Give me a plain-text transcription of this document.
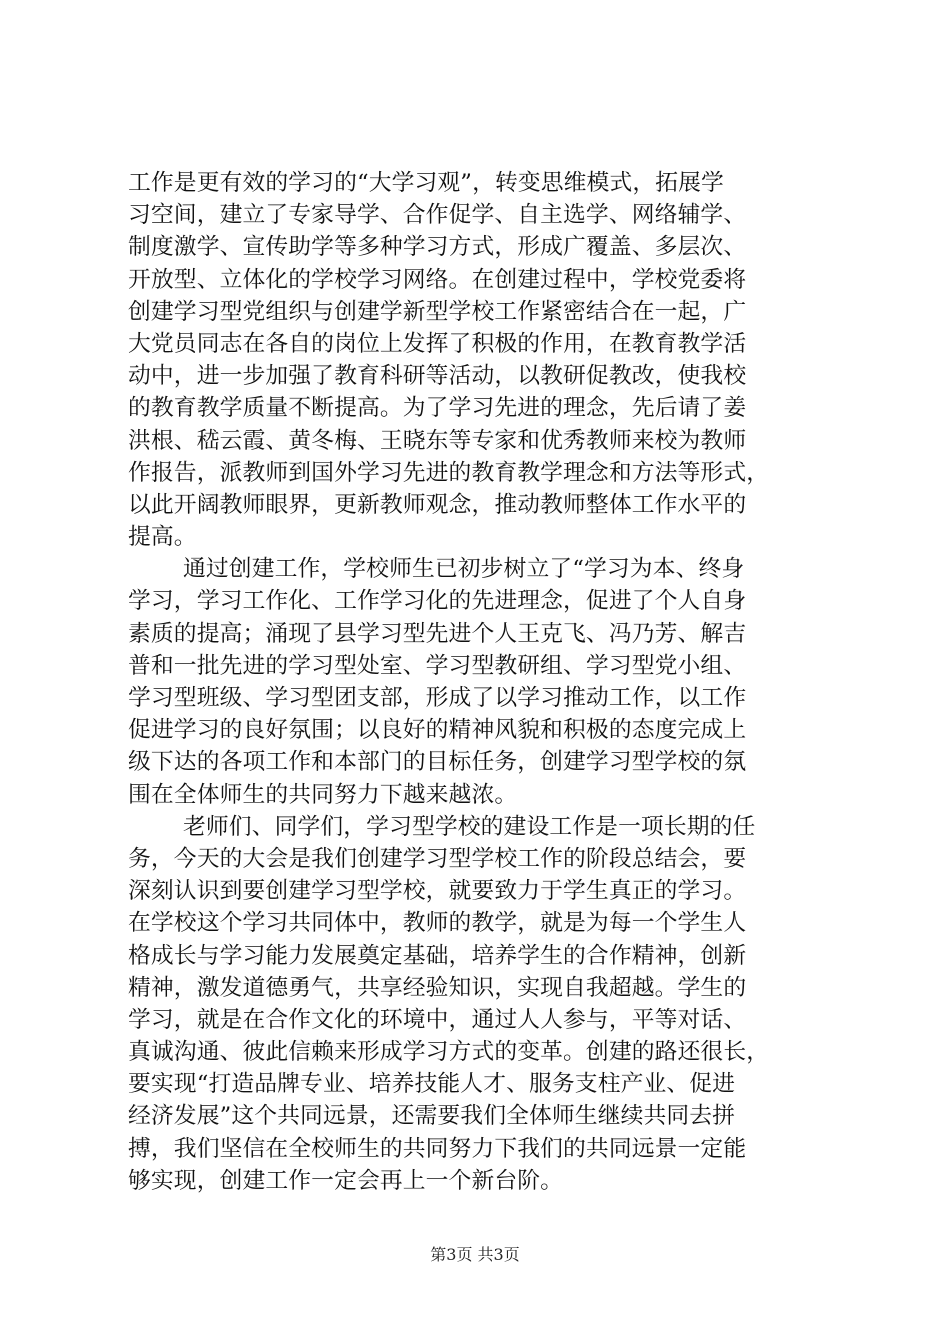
工作是更有效的学习的“大学习观”，转变思维模式，拓展学
习空间，建立了专家导学、合作促学、自主选学、网络辅学、
制度激学、宣传助学等多种学习方式，形成广覆盖、多层次、
开放型、立体化的学校学习网络。在创建过程中，学校党委将
创建学习型党组织与创建学新型学校工作紧密结合在一起，广
大党员同志在各自的岗位上发挥了积极的作用，在教育教学活
动中，进一步加强了教育科研等活动，以教研促教改，使我校
的教育教学质量不断提高。为了学习先进的理念，先后请了姜
洪根、嵇云霞、黄冬梅、王晓东等专家和优秀教师来校为教师
作报告，派教师到国外学习先进的教育教学理念和方法等形式，
以此开阔教师眼界，更新教师观念，推动教师整体工作水平的
提高。
通过创建工作，学校师生已初步树立了“学习为本、终身
学习，学习工作化、工作学习化的先进理念，促进了个人自身
素质的提高；涌现了县学习型先进个人王克飞、冯乃芳、解吉
普和一批先进的学习型处室、学习型教研组、学习型党小组、
学习型班级、学习型团支部，形成了以学习推动工作，以工作
促进学习的良好氛围；以良好的精神风貌和积极的态度完成上
级下达的各项工作和本部门的目标任务，创建学习型学校的氛
围在全体师生的共同努力下越来越浓。
老师们、同学们，学习型学校的建设工作是一项长期的任
务，今天的大会是我们创建学习型学校工作的阶段总结会，要
深刻认识到要创建学习型学校，就要致力于学生真正的学习。
在学校这个学习共同体中，教师的教学，就是为每一个学生人
格成长与学习能力发展奠定基础，培养学生的合作精神，创新
精神，激发道德勇气，共享经验知识，实现自我超越。学生的
学习，就是在合作文化的环境中，通过人人参与，平等对话、
真诚沟通、彼此信赖来形成学习方式的变革。创建的路还很长，
要实现“打造品牌专业、培养技能人才、服务支柱产业、促进
经济发展”这个共同远景，还需要我们全体师生继续共同去拼
搏，我们坚信在全校师生的共同努力下我们的共同远景一定能
够实现，创建工作一定会再上一个新台阶。
第3页 共3页
